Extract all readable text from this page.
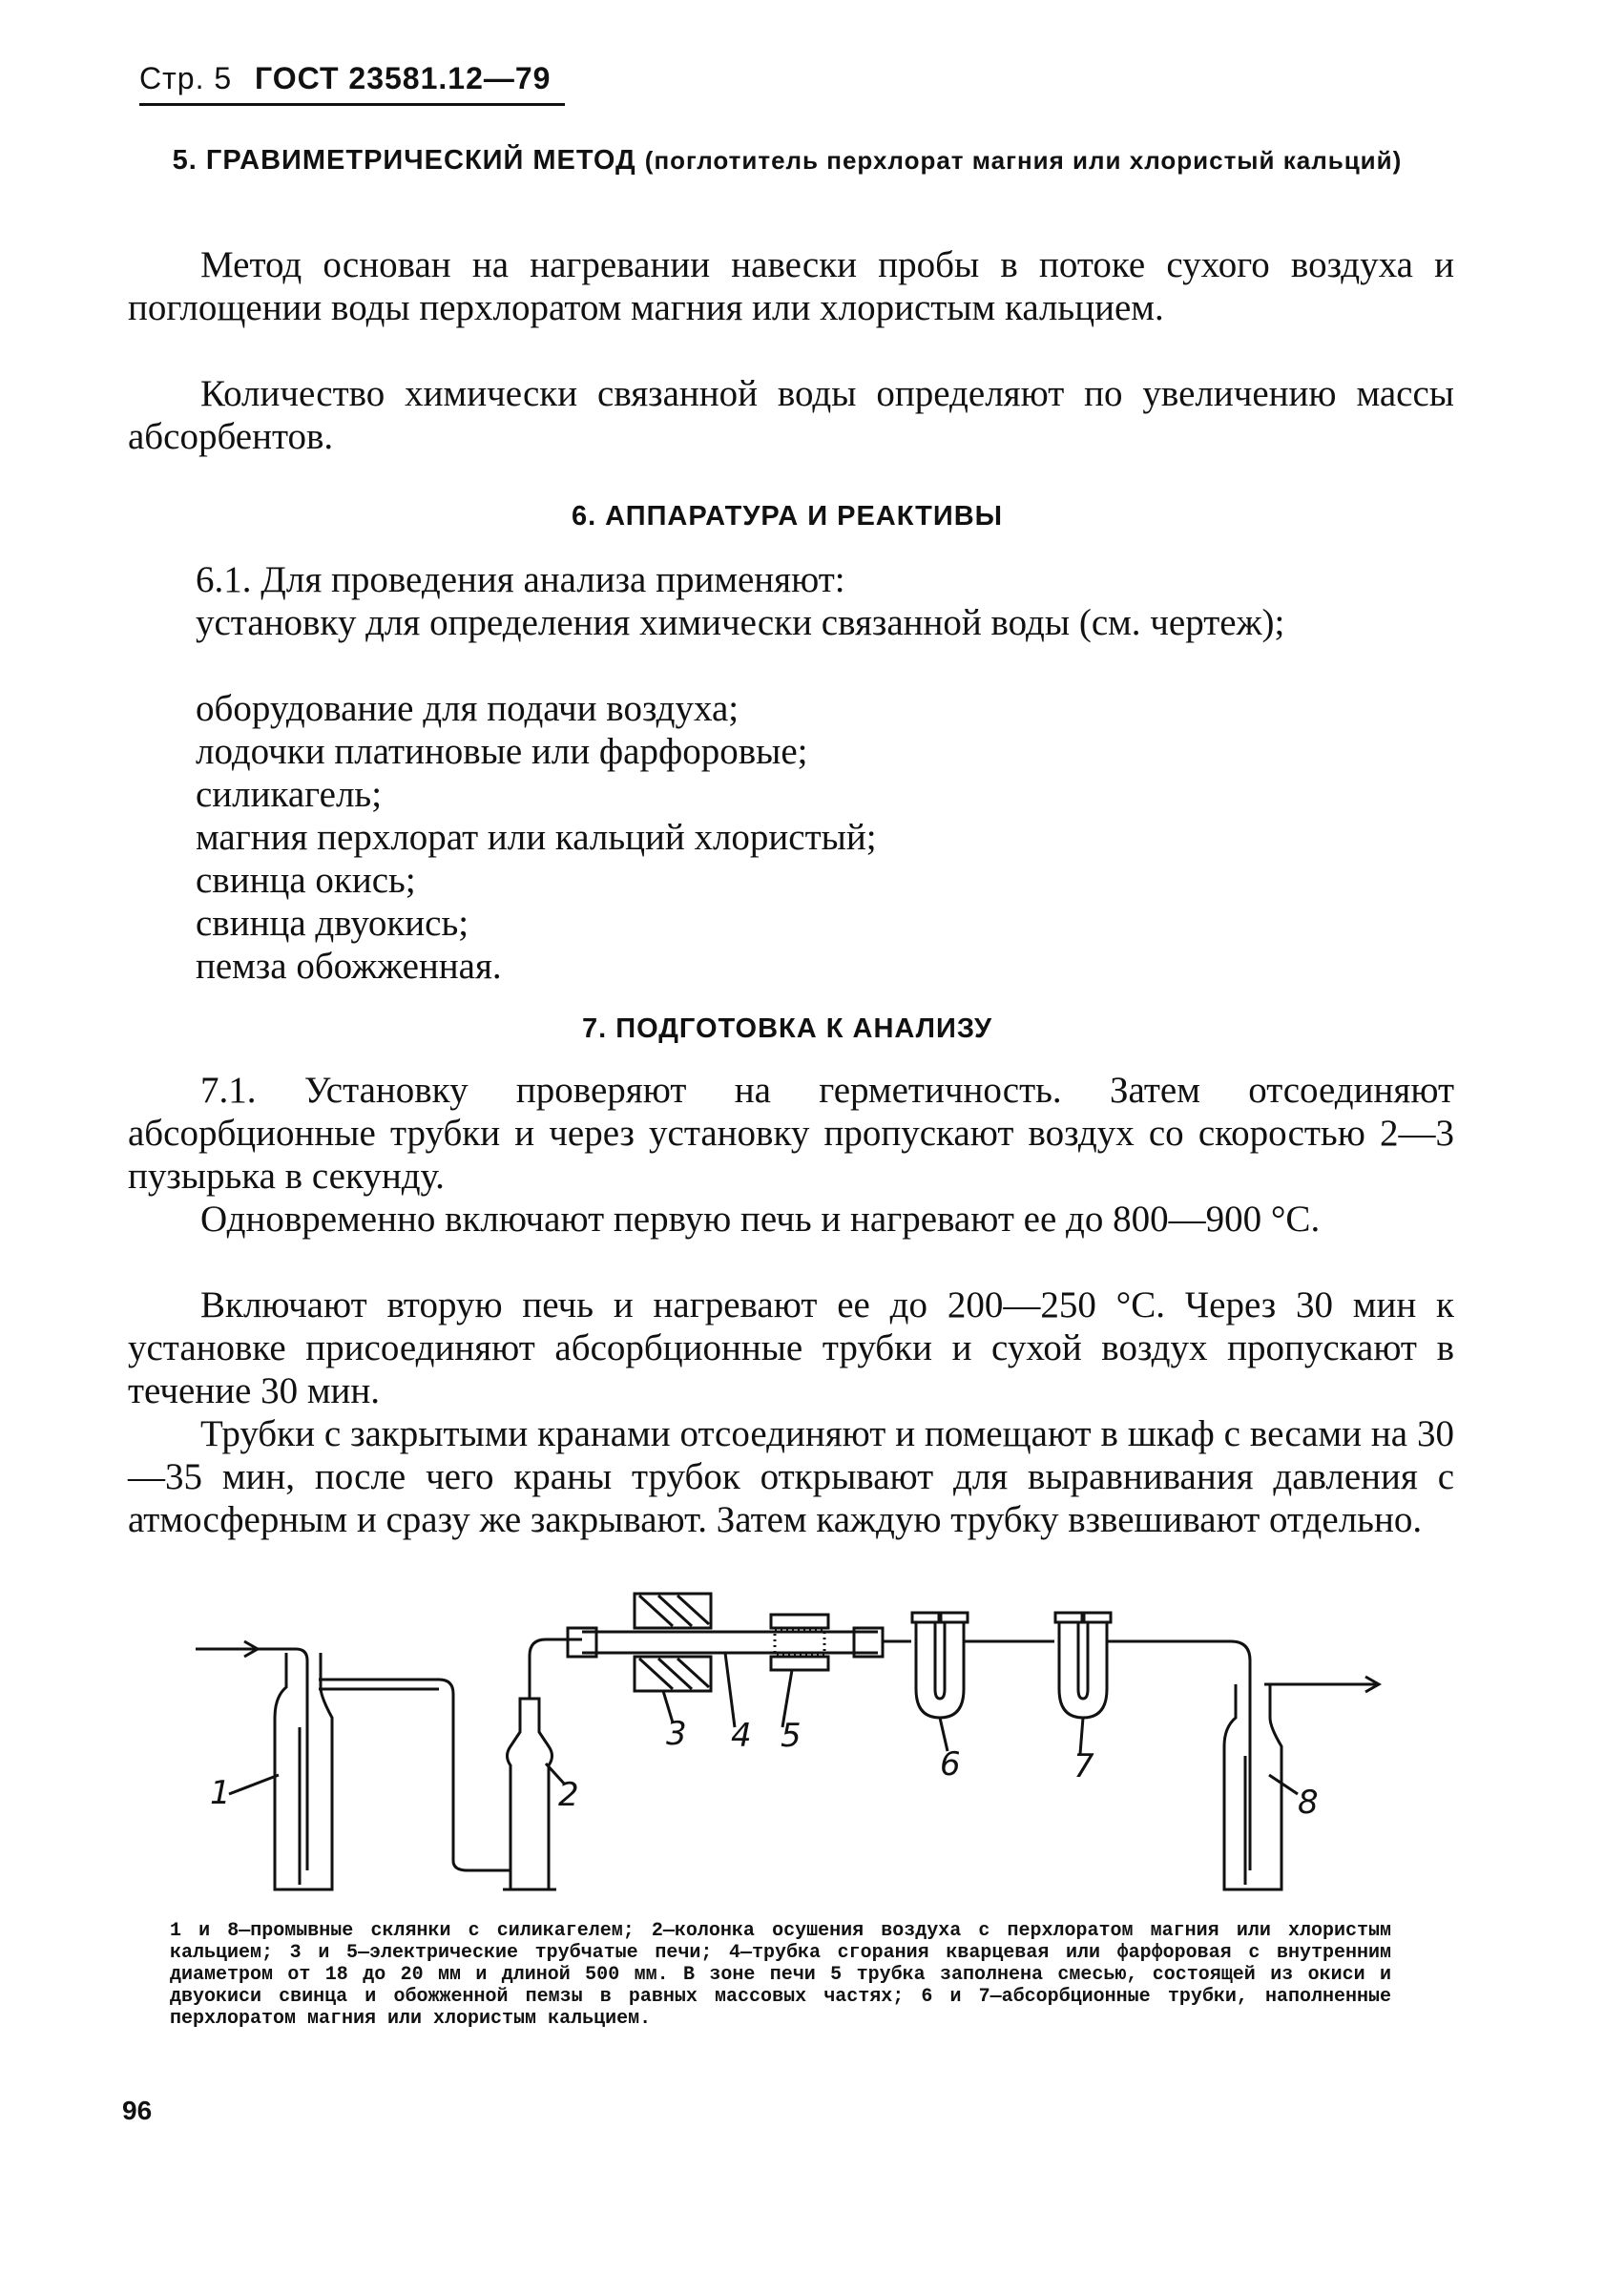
Стр. 5 ГОСТ 23581.12—79
5. ГРАВИМЕТРИЧЕСКИЙ МЕТОД (поглотитель перхлорат магния или хлористый кальций)

Метод основан на нагревании навески пробы в потоке сухого воздуха и поглощении воды перхлоратом магния или хлористым кальцием.

Количество химически связанной воды определяют по увеличению массы абсорбентов.

6. АППАРАТУРА И РЕАКТИВЫ
6.1. Для проведения анализа применяют:

установку для определения химически связанной воды (см. чертеж);

оборудование для подачи воздуха;
лодочки платиновые или фарфоровые;
силикагель;
магния перхлорат или кальций хлористый;
свинца окись;
свинца двуокись;
пемза обожженная.
7. ПОДГОТОВКА К АНАЛИЗУ

7.1. Установку проверяют на герметичность. Затем отсоединяют абсорбционные трубки и через установку пропускают воздух со скоростью 2—3 пузырька в секунду.

Одновременно включают первую печь и нагревают ее до 800—900 °С.

Включают вторую печь и нагревают ее до 200—250 °С. Через 30 мин к установке присоединяют абсорбционные трубки и сухой воздух пропускают в течение 30 мин.

Трубки с закрытыми кранами отсоединяют и помещают в шкаф с весами на 30—35 мин, после чего краны трубок открывают для выравнивания давления с атмосферным и сразу же закрывают. Затем каждую трубку взвешивают отдельно.

1	2
3 4 5
6	7
8

1 и 8—промывные склянки с силикагелем; 2—колонка осушения воздуха с перхлоратом магния или хлористым кальцием; 3 и 5—электрические трубчатые печи; 4—трубка сгорания кварцевая или фарфоровая с внутренним диаметром от 18 до 20 мм и длиной 500 мм. В зоне печи 5 трубка заполнена смесью, состоящей из окиси и двуокиси свинца и обожженной пемзы в равных массовых частях; 6 и 7—абсорбционные трубки, наполненные перхлоратом магния или хлористым кальцием.

96
